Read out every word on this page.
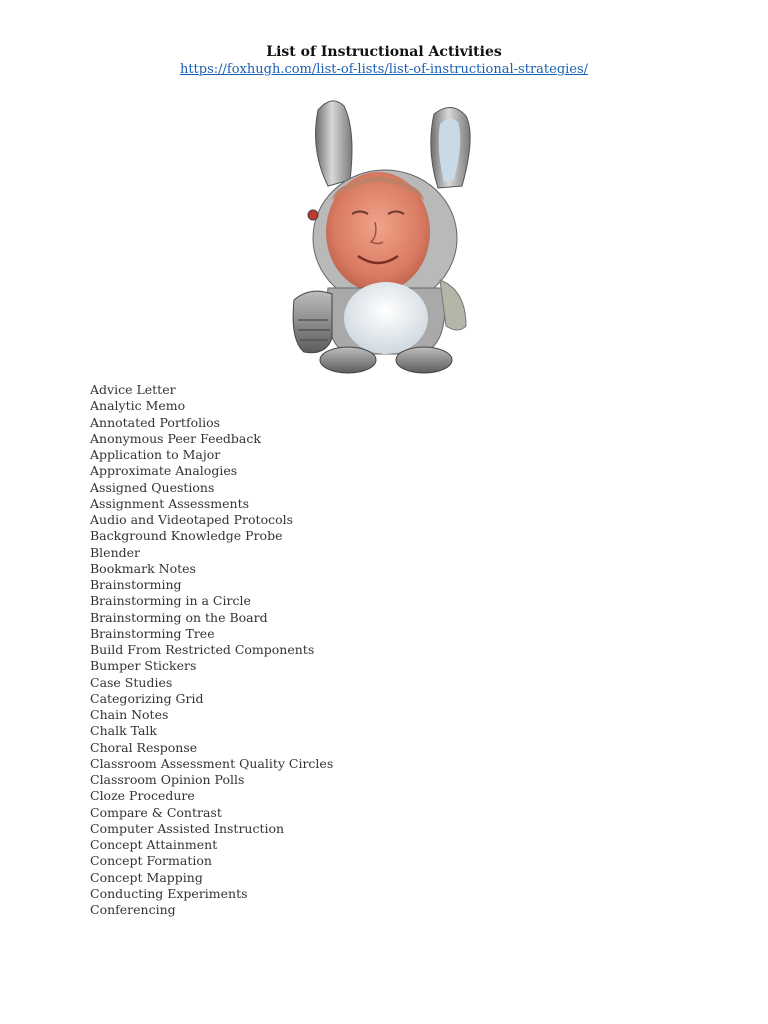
List of Instructional Activities
https://foxhugh.com/list-of-lists/list-of-instructional-strategies/
Advice Letter
Analytic Memo
Annotated Portfolios
Anonymous Peer Feedback
Application to Major
Approximate Analogies
Assigned Questions
Assignment Assessments
Audio and Videotaped Protocols
Background Knowledge Probe
Blender
Bookmark Notes
Brainstorming
Brainstorming in a Circle
Brainstorming on the Board
Brainstorming Tree
Build From Restricted Components
Bumper Stickers
Case Studies
Categorizing Grid
Chain Notes
Chalk Talk
Choral Response
Classroom Assessment Quality Circles
Classroom Opinion Polls
Cloze Procedure
Compare & Contrast
Computer Assisted Instruction
Concept Attainment
Concept Formation
Concept Mapping
Conducting Experiments
Conferencing
